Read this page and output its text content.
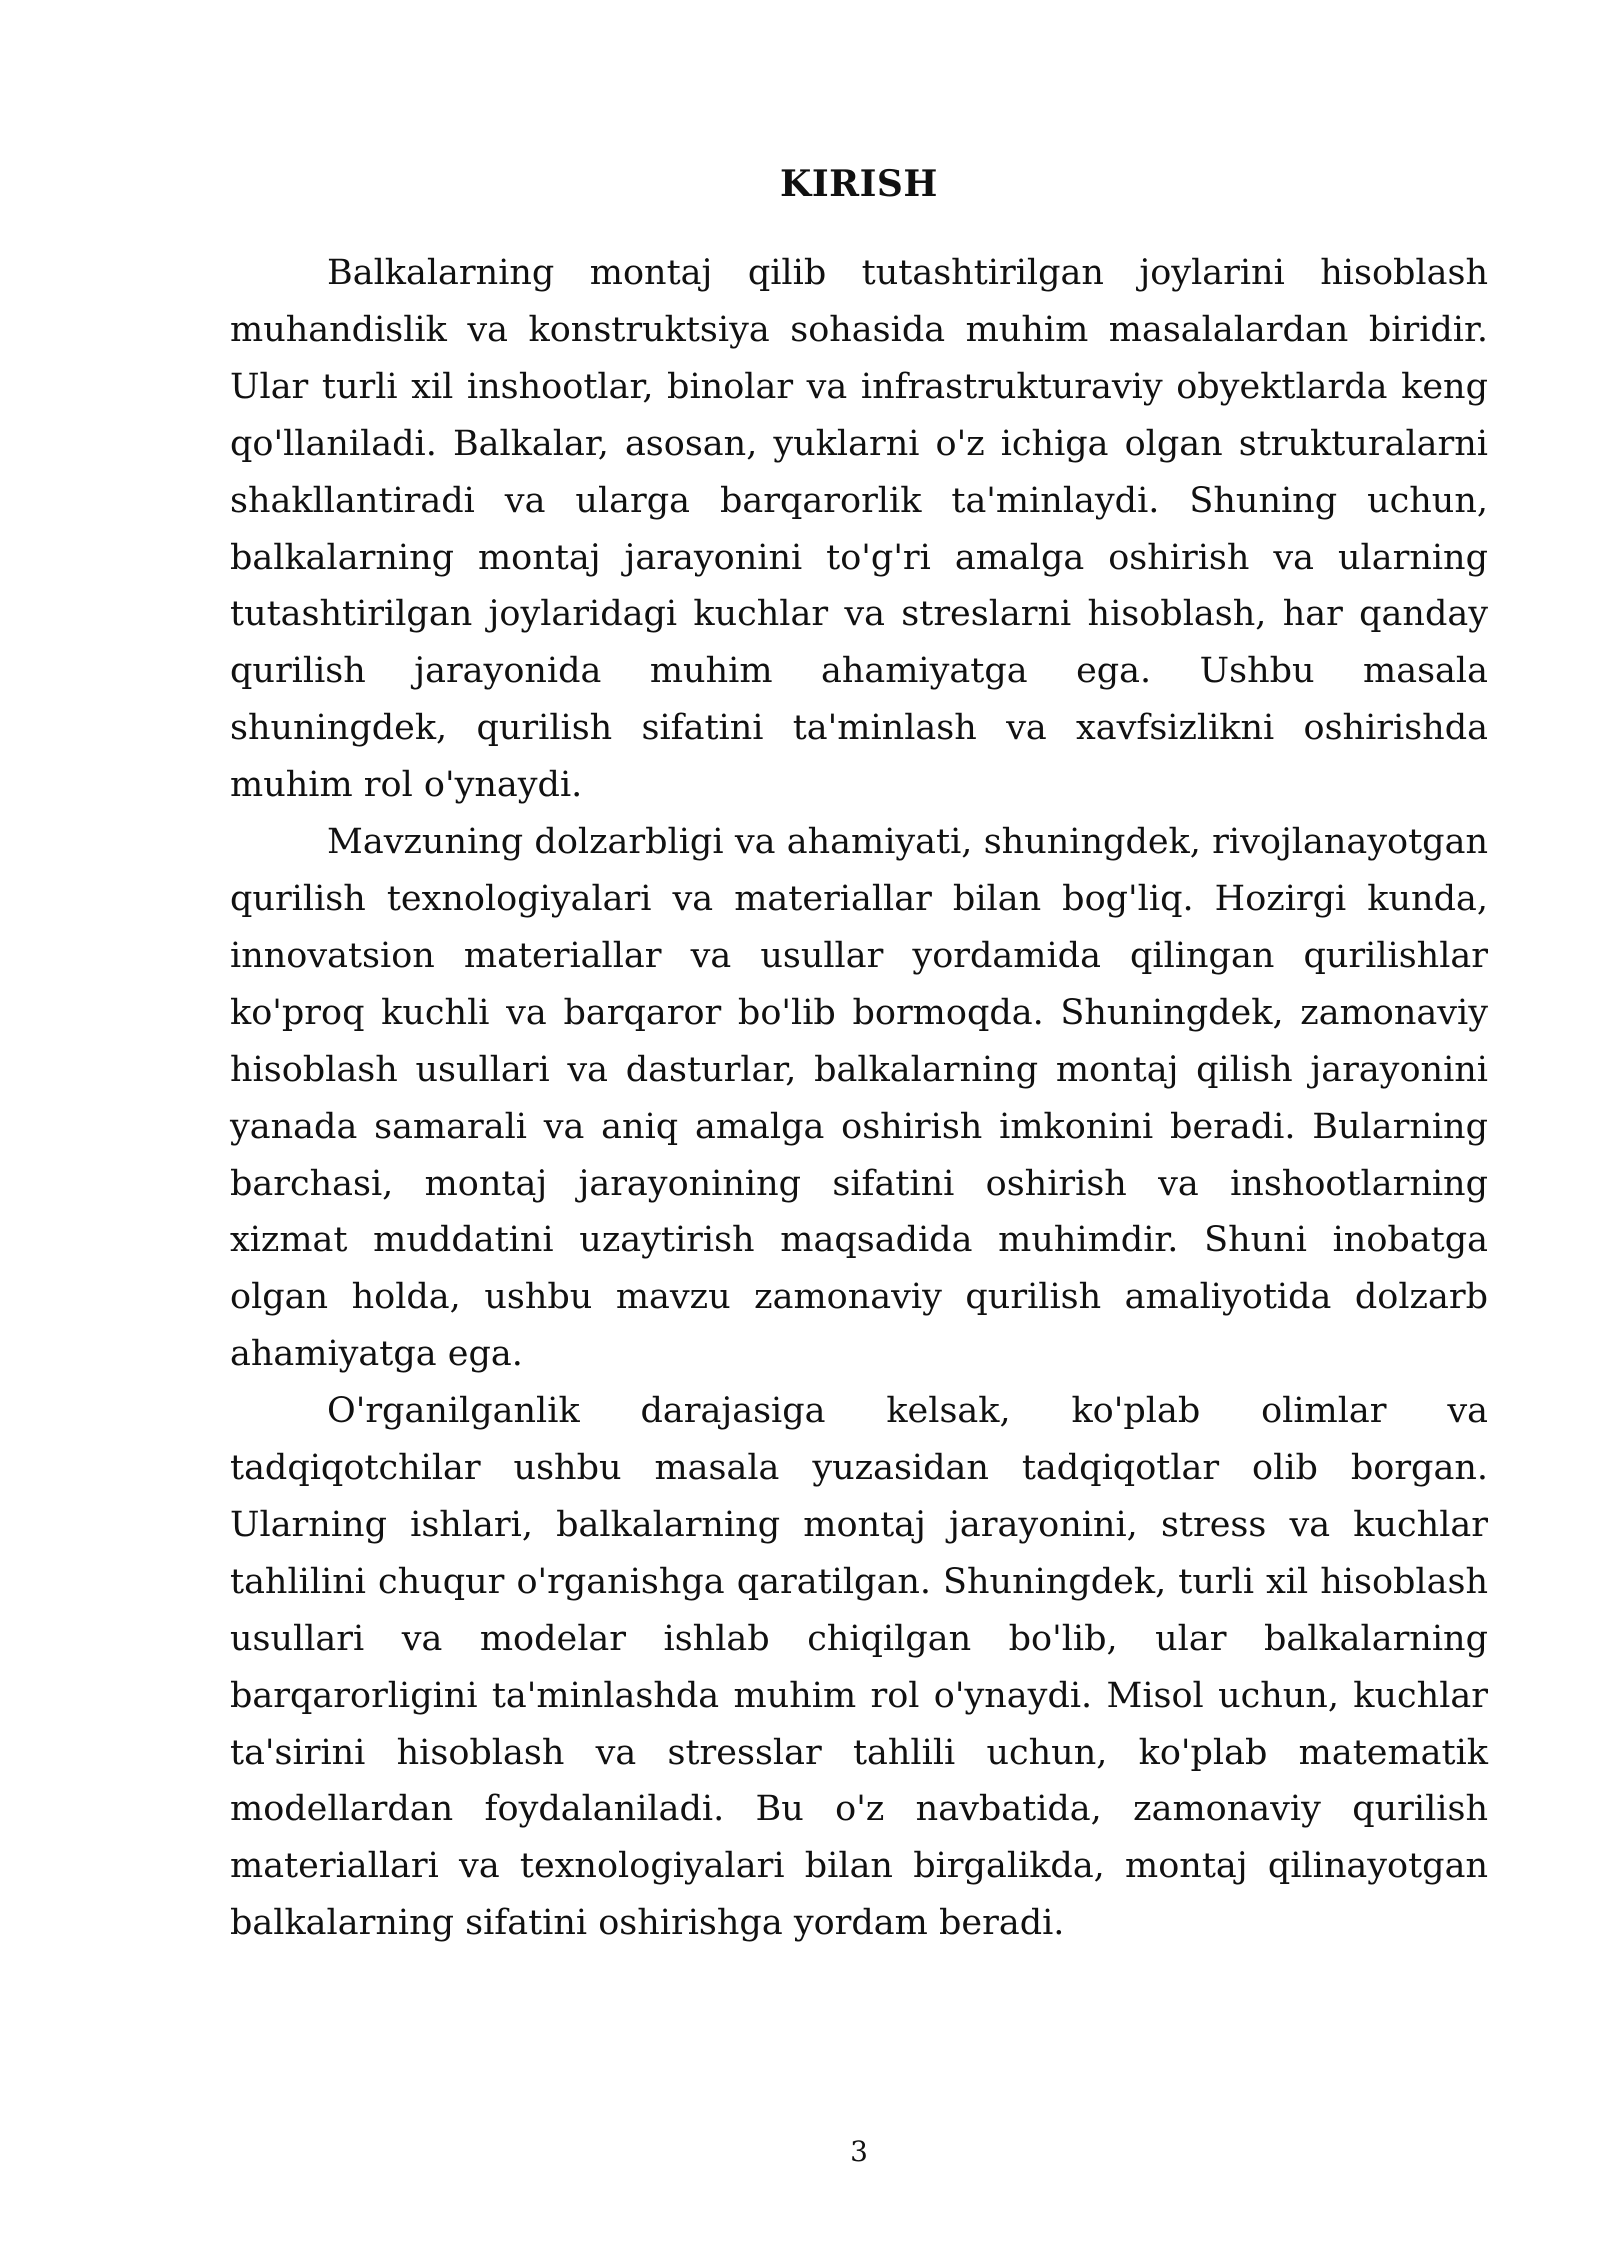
KIRISH

Balkalarning montaj qilib tutashtirilgan joylarini hisoblash muhandislik va konstruktsiya sohasida muhim masalalardan biridir. Ular turli xil inshootlar, binolar va infrastrukturaviy obyektlarda keng qo'llaniladi. Balkalar, asosan, yuklarni o'z ichiga olgan strukturalarni shakllantiradi va ularga barqarorlik ta'minlaydi. Shuning uchun, balkalarning montaj jarayonini to'g'ri amalga oshirish va ularning tutashtirilgan joylaridagi kuchlar va streslarni hisoblash, har qanday qurilish jarayonida muhim ahamiyatga ega. Ushbu masala shuningdek, qurilish sifatini ta'minlash va xavfsizlikni oshirishda muhim rol o'ynaydi.

Mavzuning dolzarbligi va ahamiyati, shuningdek, rivojlanayotgan qurilish texnologiyalari va materiallar bilan bog'liq. Hozirgi kunda, innovatsion materiallar va usullar yordamida qilingan qurilishlar ko'proq kuchli va barqaror bo'lib bormoqda. Shuningdek, zamonaviy hisoblash usullari va dasturlar, balkalarning montaj qilish jarayonini yanada samarali va aniq amalga oshirish imkonini beradi. Bularning barchasi, montaj jarayonining sifatini oshirish va inshootlarning xizmat muddatini uzaytirish maqsadida muhimdir. Shuni inobatga olgan holda, ushbu mavzu zamonaviy qurilish amaliyotida dolzarb ahamiyatga ega.

O'rganilganlik darajasiga kelsak, ko'plab olimlar va tadqiqotchilar ushbu masala yuzasidan tadqiqotlar olib borgan. Ularning ishlari, balkalarning montaj jarayonini, stress va kuchlar tahlilini chuqur o'rganishga qaratilgan. Shuningdek, turli xil hisoblash usullari va modelar ishlab chiqilgan bo'lib, ular balkalarning barqarorligini ta'minlashda muhim rol o'ynaydi. Misol uchun, kuchlar ta'sirini hisoblash va stresslar tahlili uchun, ko'plab matematik modellardan foydalaniladi. Bu o'z navbatida, zamonaviy qurilish materiallari va texnologiyalari bilan birgalikda, montaj qilinayotgan balkalarning sifatini oshirishga yordam beradi.

3
